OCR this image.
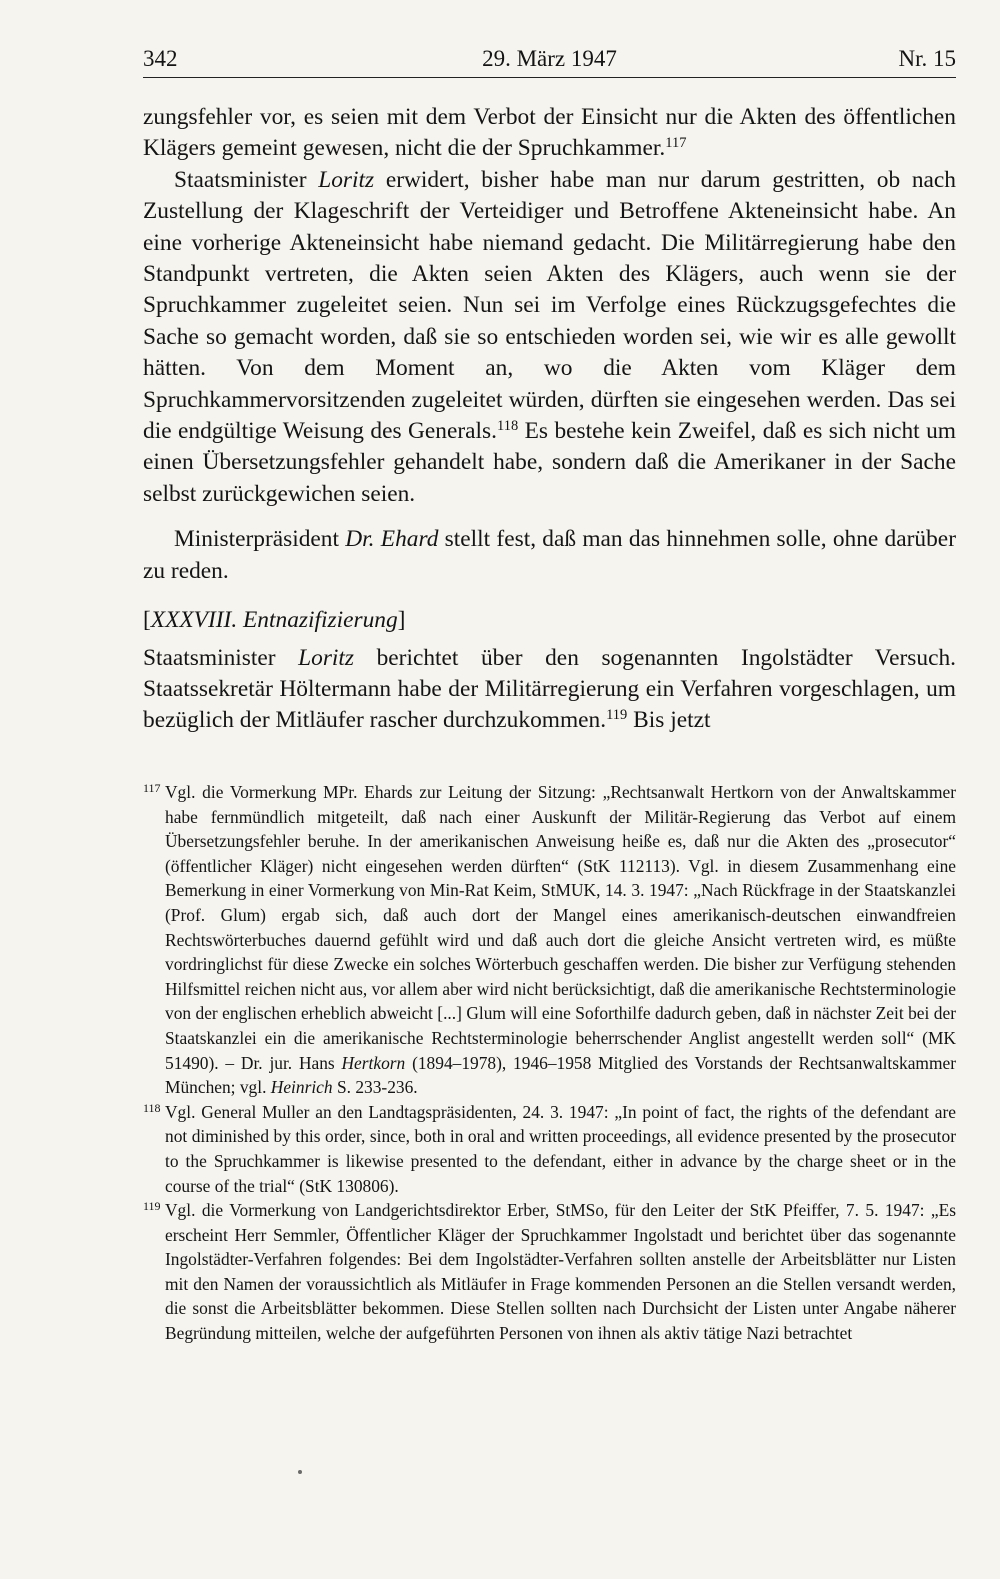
342	29. März 1947	Nr. 15

zungsfehler vor, es seien mit dem Verbot der Einsicht nur die Akten des öffentlichen Klägers gemeint gewesen, nicht die der Spruchkammer.$^{117}$

Staatsminister Loritz erwidert, bisher habe man nur darum gestritten, ob nach Zustellung der Klageschrift der Verteidiger und Betroffene Akteneinsicht habe. An eine vorherige Akteneinsicht habe niemand gedacht. Die Militärregierung habe den Standpunkt vertreten, die Akten seien Akten des Klägers, auch wenn sie der Spruchkammer zugeleitet seien. Nun sei im Verfolge eines Rückzugsgefechtes die Sache so gemacht worden, daß sie so entschieden worden sei, wie wir es alle gewollt hätten. Von dem Moment an, wo die Akten vom Kläger dem Spruchkammervorsitzenden zugeleitet würden, dürften sie eingesehen werden. Das sei die endgültige Weisung des Generals.$^{118}$ Es bestehe kein Zweifel, daß es sich nicht um einen Übersetzungsfehler gehandelt habe, sondern daß die Amerikaner in der Sache selbst zurückgewichen seien.

Ministerpräsident Dr. Ehard stellt fest, daß man das hinnehmen solle, ohne darüber zu reden.

[XXXVIII. Entnazifizierung]

Staatsminister Loritz berichtet über den sogenannten Ingolstädter Versuch. Staatssekretär Höltermann habe der Militärregierung ein Verfahren vorgeschlagen, um bezüglich der Mitläufer rascher durchzukommen.$^{119}$ Bis jetzt

117 Vgl. die Vormerkung MPr. Ehards zur Leitung der Sitzung: „Rechtsanwalt Hertkorn von der Anwaltskammer habe fernmündlich mitgeteilt, daß nach einer Auskunft der Militär-Regierung das Verbot auf einem Übersetzungsfehler beruhe. In der amerikanischen Anweisung heiße es, daß nur die Akten des „prosecutor“ (öffentlicher Kläger) nicht eingesehen werden dürften“ (StK 112113). Vgl. in diesem Zusammenhang eine Bemerkung in einer Vormerkung von Min-Rat Keim, StMUK, 14. 3. 1947: „Nach Rückfrage in der Staatskanzlei (Prof. Glum) ergab sich, daß auch dort der Mangel eines amerikanisch-deutschen einwandfreien Rechtswörterbuches dauernd gefühlt wird und daß auch dort die gleiche Ansicht vertreten wird, es müßte vordringlichst für diese Zwecke ein solches Wörterbuch geschaffen werden. Die bisher zur Verfügung stehenden Hilfsmittel reichen nicht aus, vor allem aber wird nicht berücksichtigt, daß die amerikanische Rechtsterminologie von der englischen erheblich abweicht [...] Glum will eine Soforthilfe dadurch geben, daß in nächster Zeit bei der Staatskanzlei ein die amerikanische Rechtsterminologie beherrschender Anglist angestellt werden soll“ (MK 51490). – Dr. jur. Hans Hertkorn (1894–1978), 1946–1958 Mitglied des Vorstands der Rechtsanwaltskammer München; vgl. Heinrich S. 233-236.

118 Vgl. General Muller an den Landtagspräsidenten, 24. 3. 1947: „In point of fact, the rights of the defendant are not diminished by this order, since, both in oral and written proceedings, all evidence presented by the prosecutor to the Spruchkammer is likewise presented to the defendant, either in advance by the charge sheet or in the course of the trial“ (StK 130806).

119 Vgl. die Vormerkung von Landgerichtsdirektor Erber, StMSo, für den Leiter der StK Pfeiffer, 7. 5. 1947: „Es erscheint Herr Semmler, Öffentlicher Kläger der Spruchkammer Ingolstadt und berichtet über das sogenannte Ingolstädter-Verfahren folgendes: Bei dem Ingolstädter-Verfahren sollten anstelle der Arbeitsblätter nur Listen mit den Namen der voraussichtlich als Mitläufer in Frage kommenden Personen an die Stellen versandt werden, die sonst die Arbeitsblätter bekommen. Diese Stellen sollten nach Durchsicht der Listen unter Angabe näherer Begründung mitteilen, welche der aufgeführten Personen von ihnen als aktiv tätige Nazi betrachtet
